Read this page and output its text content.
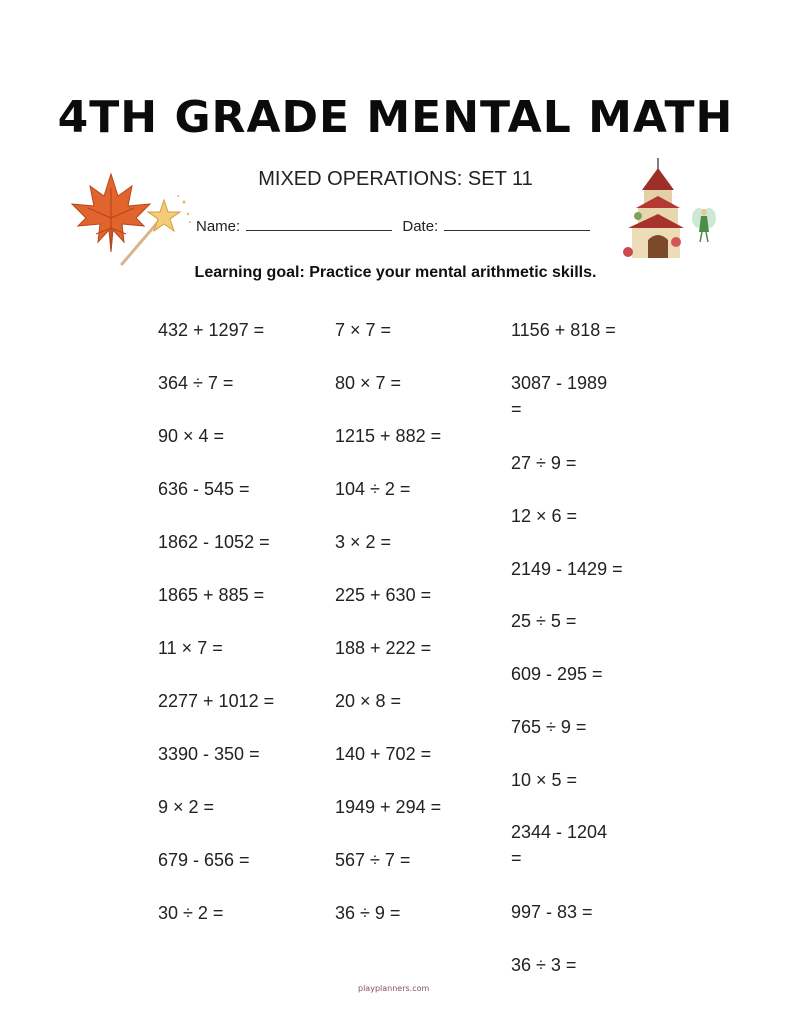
4TH GRADE MENTAL MATH
MIXED OPERATIONS: SET 11
Name:	Date:
Learning goal: Practice your mental arithmetic skills.
432 + 1297 =
364 ÷ 7 =
90 × 4 =
636 - 545 =
1862 - 1052 =
1865 + 885 =
11 × 7 =
2277 + 1012 =
3390 - 350 =
9 × 2 =
679 - 656 =
30 ÷ 2 =
7 × 7 =
80 × 7 =
1215 + 882 =
104 ÷ 2 =
3 × 2 =
225 + 630 =
188 + 222 =
20 × 8 =
140 + 702 =
1949 + 294 =
567 ÷ 7 =
36 ÷ 9 =
1156 + 818 =
3087 - 1989
=
27 ÷ 9 =
12 × 6 =
2149 - 1429 =
25 ÷ 5 =
609 - 295 =
765 ÷ 9 =
10 × 5 =
2344 - 1204
=
997 - 83 =
36 ÷ 3 =
playplanners.com
